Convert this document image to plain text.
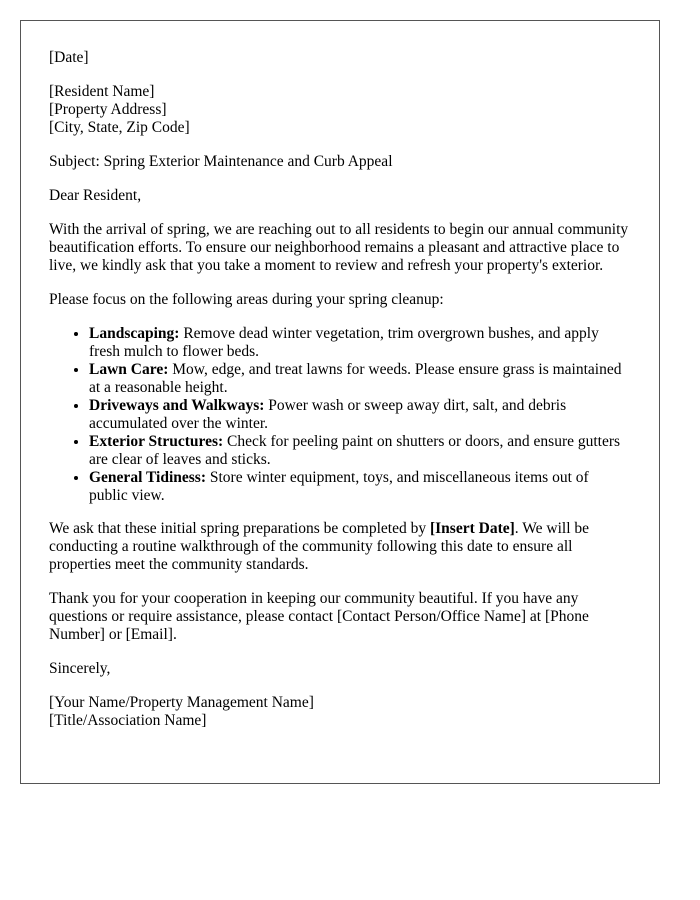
[Date]
[Resident Name]
[Property Address]
[City, State, Zip Code]
Subject: Spring Exterior Maintenance and Curb Appeal
Dear Resident,
With the arrival of spring, we are reaching out to all residents to begin our annual community beautification efforts. To ensure our neighborhood remains a pleasant and attractive place to live, we kindly ask that you take a moment to review and refresh your property's exterior.
Please focus on the following areas during your spring cleanup:
• Landscaping: Remove dead winter vegetation, trim overgrown bushes, and apply fresh mulch to flower beds.
• Lawn Care: Mow, edge, and treat lawns for weeds. Please ensure grass is maintained at a reasonable height.
• Driveways and Walkways: Power wash or sweep away dirt, salt, and debris accumulated over the winter.
• Exterior Structures: Check for peeling paint on shutters or doors, and ensure gutters are clear of leaves and sticks.
• General Tidiness: Store winter equipment, toys, and miscellaneous items out of public view.
We ask that these initial spring preparations be completed by [Insert Date]. We will be conducting a routine walkthrough of the community following this date to ensure all properties meet the community standards.
Thank you for your cooperation in keeping our community beautiful. If you have any questions or require assistance, please contact [Contact Person/Office Name] at [Phone Number] or [Email].
Sincerely,
[Your Name/Property Management Name]
[Title/Association Name]
